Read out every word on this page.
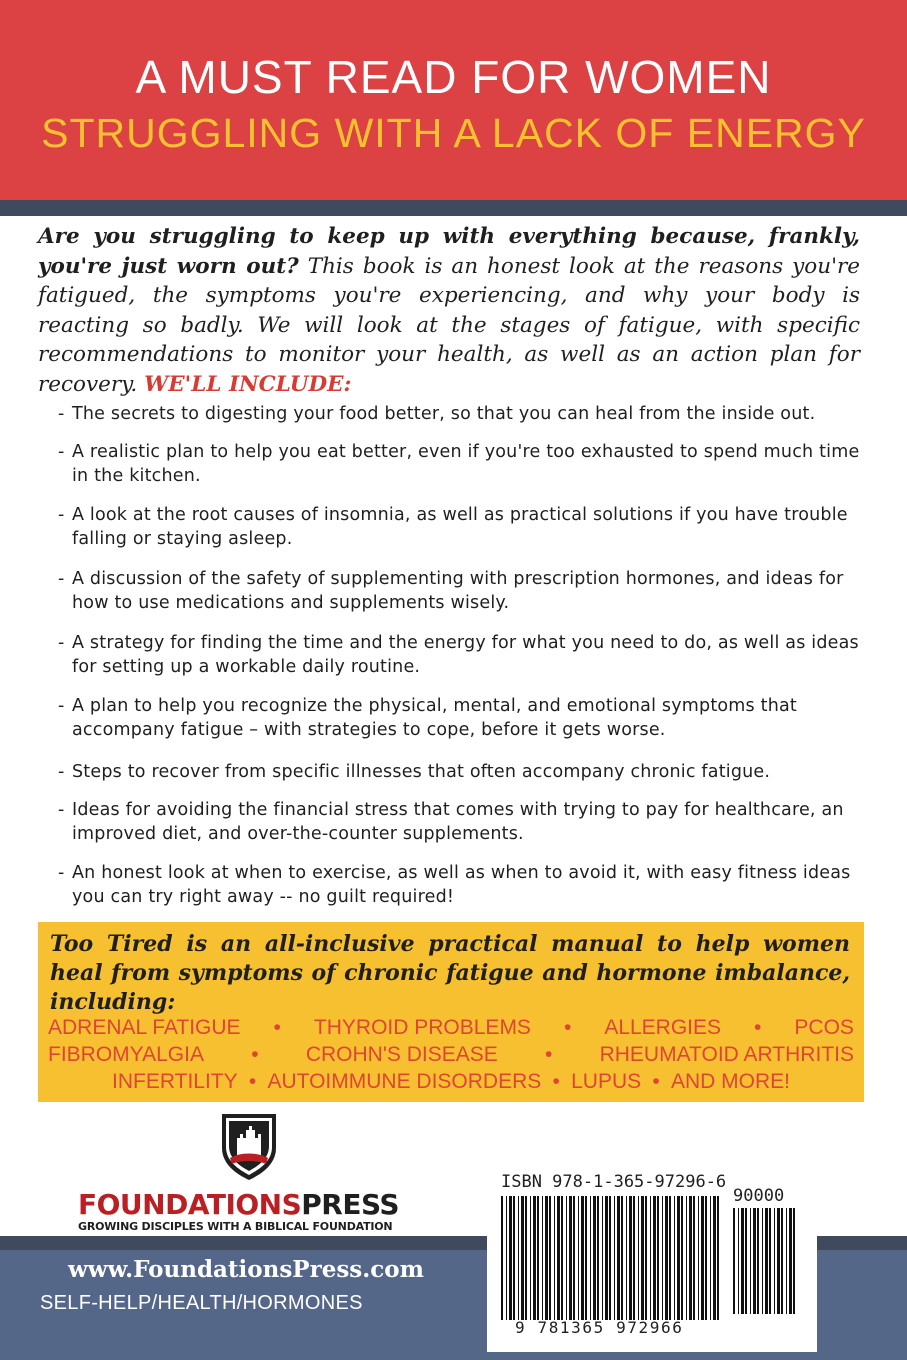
A MUST READ FOR WOMEN
STRUGGLING WITH A LACK OF ENERGY
Are you struggling to keep up with everything because, frankly, you're just worn out? This book is an honest look at the reasons you're fatigued, the symptoms you're experiencing, and why your body is reacting so badly. We will look at the stages of fatigue, with specific recommendations to monitor your health, as well as an action plan for recovery. WE'LL INCLUDE:
- The secrets to digesting your food better, so that you can heal from the inside out.
- A realistic plan to help you eat better, even if you're too exhausted to spend much time in the kitchen.
- A look at the root causes of insomnia, as well as practical solutions if you have trouble falling or staying asleep.
- A discussion of the safety of supplementing with prescription hormones, and ideas for how to use medications and supplements wisely.
- A strategy for finding the time and the energy for what you need to do, as well as ideas for setting up a workable daily routine.
- A plan to help you recognize the physical, mental, and emotional symptoms that accompany fatigue – with strategies to cope, before it gets worse.
- Steps to recover from specific illnesses that often accompany chronic fatigue.
- Ideas for avoiding the financial stress that comes with trying to pay for healthcare, an improved diet, and over-the-counter supplements.
- An honest look at when to exercise, as well as when to avoid it, with easy fitness ideas you can try right away -- no guilt required!
Too Tired is an all-inclusive practical manual to help women heal from symptoms of chronic fatigue and hormone imbalance, including:
ADRENAL FATIGUE • THYROID PROBLEMS • ALLERGIES • PCOS
FIBROMYALGIA • CROHN'S DISEASE • RHEUMATOID ARTHRITIS
INFERTILITY • AUTOIMMUNE DISORDERS • LUPUS • AND MORE!
FOUNDATIONSPRESS
GROWING DISCIPLES WITH A BIBLICAL FOUNDATION
www.FoundationsPress.com
SELF-HELP/HEALTH/HORMONES
ISBN 978-1-365-97296-6
90000
9 781365 972966
